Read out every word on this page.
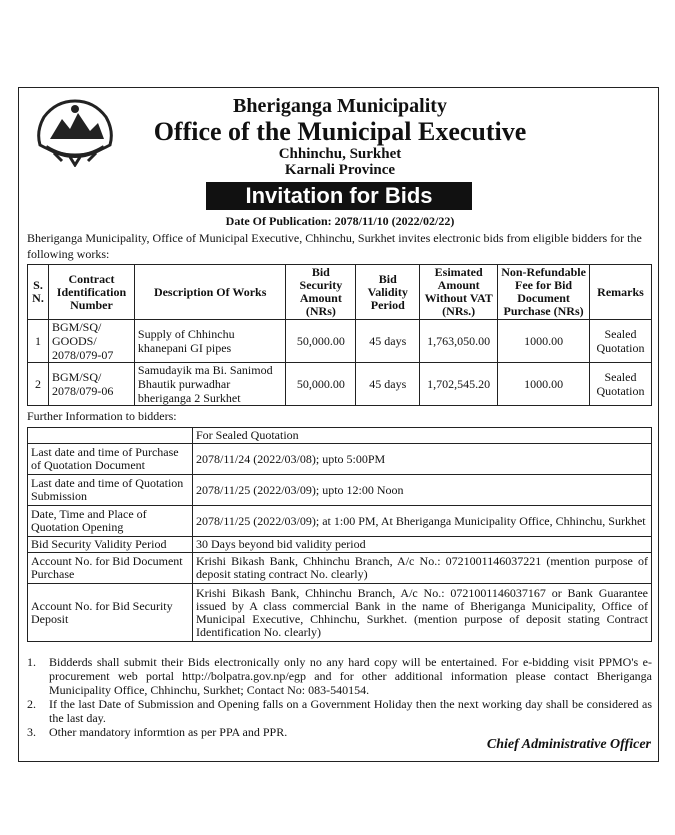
Bheriganga Municipality
Office of the Municipal Executive
Chhinchu, Surkhet
Karnali Province
Invitation for Bids
Date Of Publication: 2078/11/10 (2022/02/22)
Bheriganga Municipality, Office of Municipal Executive, Chhinchu, Surkhet invites electronic bids from eligible bidders for the following works:
S. N.	Contract Identification Number	Description Of Works	Bid Security Amount (NRs)	Bid Validity Period	Esimated Amount Without VAT (NRs.)	Non-Refundable Fee for Bid Document Purchase (NRs)	Remarks
1	BGM/SQ/ GOODS/ 2078/079-07	Supply of Chhinchu khanepani GI pipes	50,000.00	45 days	1,763,050.00	1000.00	Sealed Quotation
2	BGM/SQ/ 2078/079-06	Samudayik ma Bi. Sanimod Bhautik purwadhar bheriganga 2 Surkhet	50,000.00	45 days	1,702,545.20	1000.00	Sealed Quotation
Further Information to bidders:
	For Sealed Quotation
Last date and time of Purchase of Quotation Document	2078/11/24 (2022/03/08); upto 5:00PM
Last date and time of Quotation Submission	2078/11/25 (2022/03/09); upto 12:00 Noon
Date, Time and Place of Quotation Opening	2078/11/25 (2022/03/09); at 1:00 PM, At Bheriganga Municipality Office, Chhinchu, Surkhet
Bid Security Validity Period	30 Days beyond bid validity period
Account No. for Bid Document Purchase	Krishi Bikash Bank, Chhinchu Branch, A/c No.: 0721001146037221 (mention purpose of deposit stating contract No. clearly)
Account No. for Bid Security Deposit	Krishi Bikash Bank, Chhinchu Branch, A/c No.: 0721001146037167 or Bank Guarantee issued by A class commercial Bank in the name of Bheriganga Municipality, Office of Municipal Executive, Chhinchu, Surkhet. (mention purpose of deposit stating Contract Identification No. clearly)
1. Bidderds shall submit their Bids electronically only no any hard copy will be entertained. For e-bidding visit PPMO's e-procurement web portal http://bolpatra.gov.np/egp and for other additional information please contact Bheriganga Municipality Office, Chhinchu, Surkhet; Contact No: 083-540154.
2. If the last Date of Submission and Opening falls on a Government Holiday then the next working day shall be considered as the last day.
3. Other mandatory informtion as per PPA and PPR.
Chief Administrative Officer
